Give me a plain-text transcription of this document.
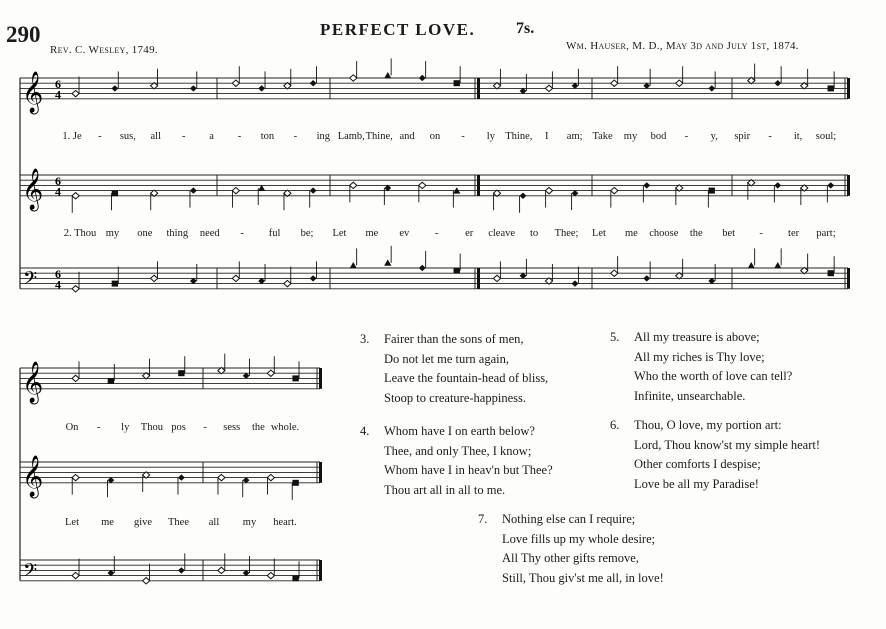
290	PERFECT LOVE.	7s.
Rev. C. Wesley, 1749.	Wm. Hauser, M. D., May 3d and July 1st, 1874.
𝄞
𝄞
𝄢
6
4
6
4
6
4
𝄞
𝄞
𝄢
1. Je - sus, all - a - ton - ing Lamb, Thine, and on - ly Thine, I am; Take my bod - y, spir - it, soul;
2. Thou my one thing need - ful be; Let me ev -	er cleave to Thee; Let me choose the bet - ter part;
On - ly Thou pos - sess the whole.
Let me give Thee all my heart.
3.	Fairer than the sons of men,
Do not let me turn again,
Leave the fountain-head of bliss,
Stoop to creature-happiness.
4.	Whom have I on earth below?
Thee, and only Thee, I know;
Whom have I in heav'n but Thee?
Thou art all in all to me.
5.	All my treasure is above;
All my riches is Thy love;
Who the worth of love can tell?
Infinite, unsearchable.
6.	Thou, O love, my portion art:
Lord, Thou know'st my simple heart!
Other comforts I despise;
Love be all my Paradise!
7.	Nothing else can I require;
Love fills up my whole desire;
All Thy other gifts remove,
Still, Thou giv'st me all, in love!
